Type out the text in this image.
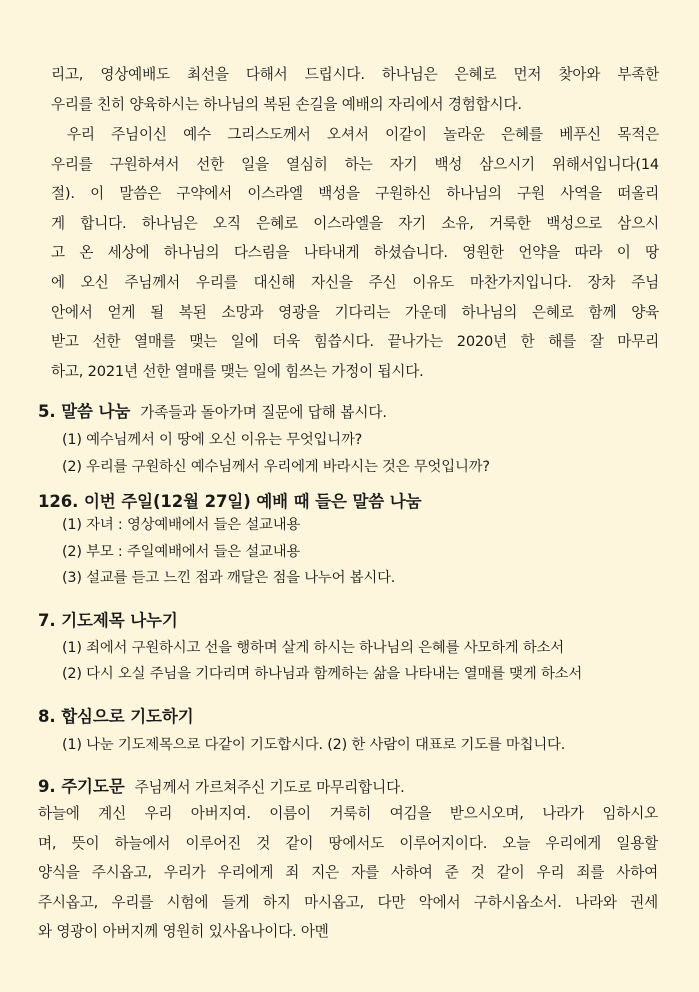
리고, 영상예배도 최선을 다해서 드립시다. 하나님은 은혜로 먼저 찾아와 부족한
우리를 친히 양육하시는 하나님의 복된 손길을 예배의 자리에서 경험합시다.
우리 주님이신 예수 그리스도께서 오셔서 이같이 놀라운 은혜를 베푸신 목적은
우리를 구원하셔서 선한 일을 열심히 하는 자기 백성 삼으시기 위해서입니다(14
절). 이 말씀은 구약에서 이스라엘 백성을 구원하신 하나님의 구원 사역을 떠올리
게 합니다. 하나님은 오직 은혜로 이스라엘을 자기 소유, 거룩한 백성으로 삼으시
고 온 세상에 하나님의 다스림을 나타내게 하셨습니다. 영원한 언약을 따라 이 땅
에 오신 주님께서 우리를 대신해 자신을 주신 이유도 마찬가지입니다. 장차 주님
안에서 얻게 될 복된 소망과 영광을 기다리는 가운데 하나님의 은혜로 함께 양육
받고 선한 열매를 맺는 일에 더욱 힘씁시다. 끝나가는 2020년 한 해를 잘 마무리
하고, 2021년 선한 열매를 맺는 일에 힘쓰는 가정이 됩시다.
5. 말씀 나눔 가족들과 돌아가며 질문에 답해 봅시다.
(1) 예수님께서 이 땅에 오신 이유는 무엇입니까?
(2) 우리를 구원하신 예수님께서 우리에게 바라시는 것은 무엇입니까?
126. 이번 주일(12월 27일) 예배 때 들은 말씀 나눔
(1) 자녀 : 영상예배에서 들은 설교내용
(2) 부모 : 주일예배에서 들은 설교내용
(3) 설교를 듣고 느낀 점과 깨달은 점을 나누어 봅시다.
7. 기도제목 나누기
(1) 죄에서 구원하시고 선을 행하며 살게 하시는 하나님의 은혜를 사모하게 하소서
(2) 다시 오실 주님을 기다리며 하나님과 함께하는 삶을 나타내는 열매를 맺게 하소서
8. 합심으로 기도하기
(1) 나눈 기도제목으로 다같이 기도합시다. (2) 한 사람이 대표로 기도를 마칩니다.
9. 주기도문 주님께서 가르쳐주신 기도로 마무리합니다.
하늘에 계신 우리 아버지여. 이름이 거룩히 여김을 받으시오며, 나라가 임하시오
며, 뜻이 하늘에서 이루어진 것 같이 땅에서도 이루어지이다. 오늘 우리에게 일용할
양식을 주시옵고, 우리가 우리에게 죄 지은 자를 사하여 준 것 같이 우리 죄를 사하여
주시옵고, 우리를 시험에 들게 하지 마시옵고, 다만 악에서 구하시옵소서. 나라와 권세
와 영광이 아버지께 영원히 있사옵나이다. 아멘
